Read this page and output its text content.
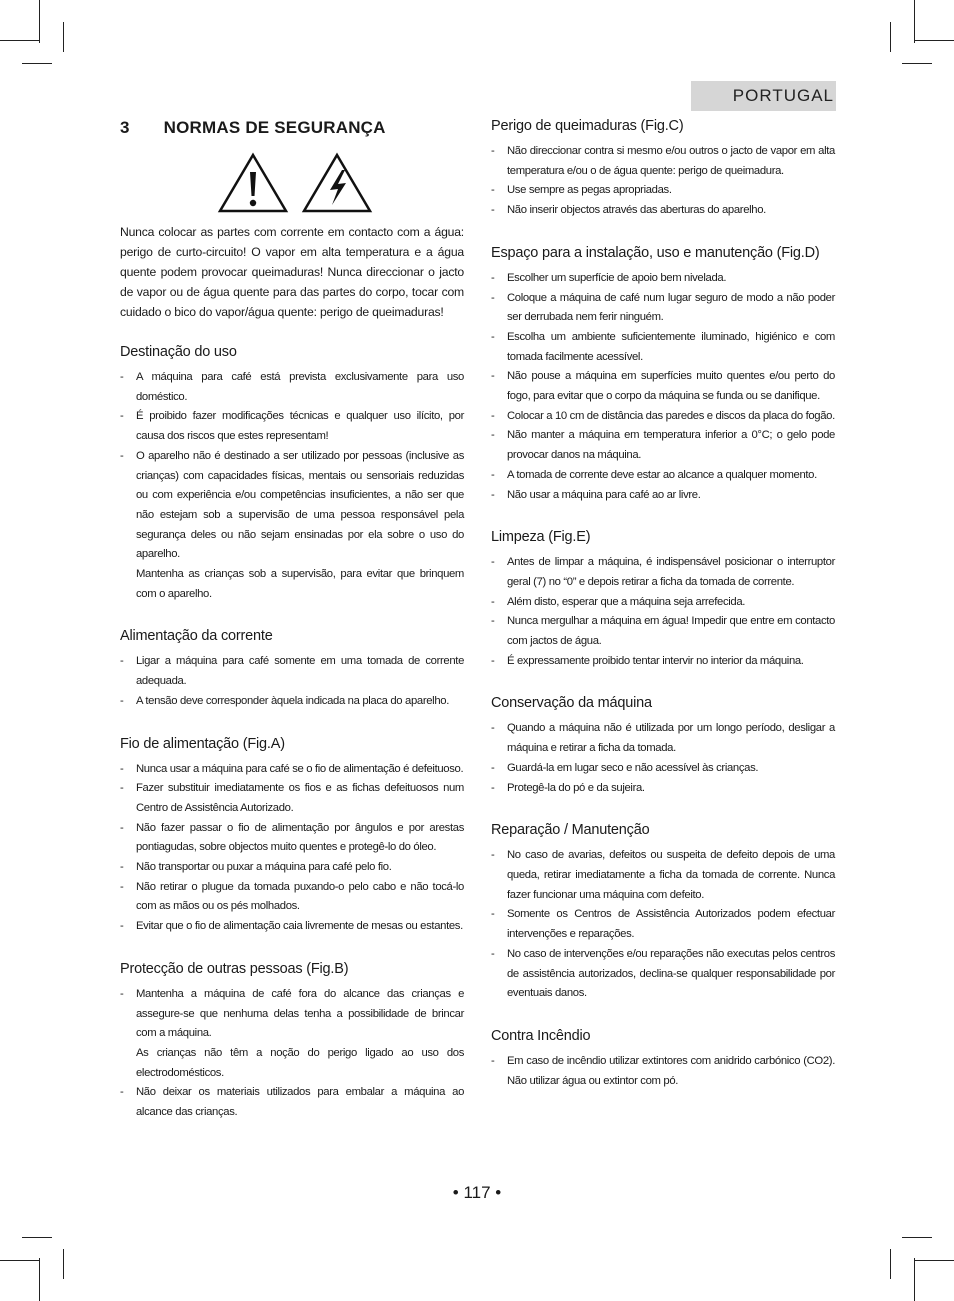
PORTUGAL
3 NORMAS DE SEGURANÇA

Nunca colocar as partes com corrente em contacto com a água: perigo de curto-circuito! O vapor em alta temperatura e a água quente podem provocar queimaduras! Nunca direccionar o jacto de vapor ou de água quente para das partes do corpo, tocar com cuidado o bico do vapor/água quente: perigo de queimaduras!

Destinação do uso
- A máquina para café está prevista exclusivamente para uso doméstico.
- É proibido fazer modificações técnicas e qualquer uso ilícito, por causa dos riscos que estes representam!
- O aparelho não é destinado a ser utilizado por pessoas (inclusive as crianças) com capacidades físicas, mentais ou sensoriais reduzidas ou com experiência e/ou competências insuficientes, a não ser que não estejam sob a supervisão de uma pessoa responsável pela segurança deles ou não sejam ensinadas por ela sobre o uso do aparelho.
Mantenha as crianças sob a supervisão, para evitar que brinquem com o aparelho.
Alimentação da corrente
- Ligar a máquina para café somente em uma tomada de corrente adequada.
- A tensão deve corresponder àquela indicada na placa do aparelho.
Fio de alimentação (Fig.A)
- Nunca usar a máquina para café se o fio de alimentação é defeituoso.
- Fazer substituir imediatamente os fios e as fichas defeituosos num Centro de Assistência Autorizado.
- Não fazer passar o fio de alimentação por ângulos e por arestas pontiagudas, sobre objectos muito quentes e protegê-lo do óleo.
- Não transportar ou puxar a máquina para café pelo fio.
- Não retirar o plugue da tomada puxando-o pelo cabo e não tocá-lo com as mãos ou os pés molhados.
- Evitar que o fio de alimentação caia livremente de mesas ou estantes.
Protecção de outras pessoas (Fig.B)
- Mantenha a máquina de café fora do alcance das crianças e assegure-se que nenhuma delas tenha a possibilidade de brincar com a máquina.
As crianças não têm a noção do perigo ligado ao uso dos electrodomésticos.
- Não deixar os materiais utilizados para embalar a máquina ao alcance das crianças.
Perigo de queimaduras (Fig.C)
- Não direccionar contra si mesmo e/ou outros o jacto de vapor em alta temperatura e/ou o de água quente: perigo de queimadura.
- Use sempre as pegas apropriadas.
- Não inserir objectos através das aberturas do aparelho.
Espaço para a instalação, uso e manutenção (Fig.D)
- Escolher um superfície de apoio bem nivelada.
- Coloque a máquina de café num lugar seguro de modo a não poder ser derrubada nem ferir ninguém.
- Escolha um ambiente suficientemente iluminado, higiénico e com tomada facilmente acessível.
- Não pouse a máquina em superfícies muito quentes e/ou perto do fogo, para evitar que o corpo da máquina se funda ou se danifique.
- Colocar a 10 cm de distância das paredes e discos da placa do fogão.
- Não manter a máquina em temperatura inferior a 0°C; o gelo pode provocar danos na máquina.
- A tomada de corrente deve estar ao alcance a qualquer momento.
- Não usar a máquina para café ao ar livre.
Limpeza (Fig.E)
- Antes de limpar a máquina, é indispensável posicionar o interruptor geral (7) no “0” e depois retirar a ficha da tomada de corrente.
- Além disto, esperar que a máquina seja arrefecida.
- Nunca mergulhar a máquina em água! Impedir que entre em contacto com jactos de água.
- É expressamente proibido tentar intervir no interior da máquina.
Conservação da máquina
- Quando a máquina não é utilizada por um longo período, desligar a máquina e retirar a ficha da tomada.
- Guardá-la em lugar seco e não acessível às crianças.
- Protegê-la do pó e da sujeira.
Reparação / Manutenção
- No caso de avarias, defeitos ou suspeita de defeito depois de uma queda, retirar imediatamente a ficha da tomada de corrente. Nunca fazer funcionar uma máquina com defeito.
- Somente os Centros de Assistência Autorizados podem efectuar intervenções e reparações.
- No caso de intervenções e/ou reparações não executas pelos centros de assistência autorizados, declina-se qualquer responsabilidade por eventuais danos.
Contra Incêndio
- Em caso de incêndio utilizar extintores com anidrido carbónico (CO2). Não utilizar água ou extintor com pó.
• 117 •
